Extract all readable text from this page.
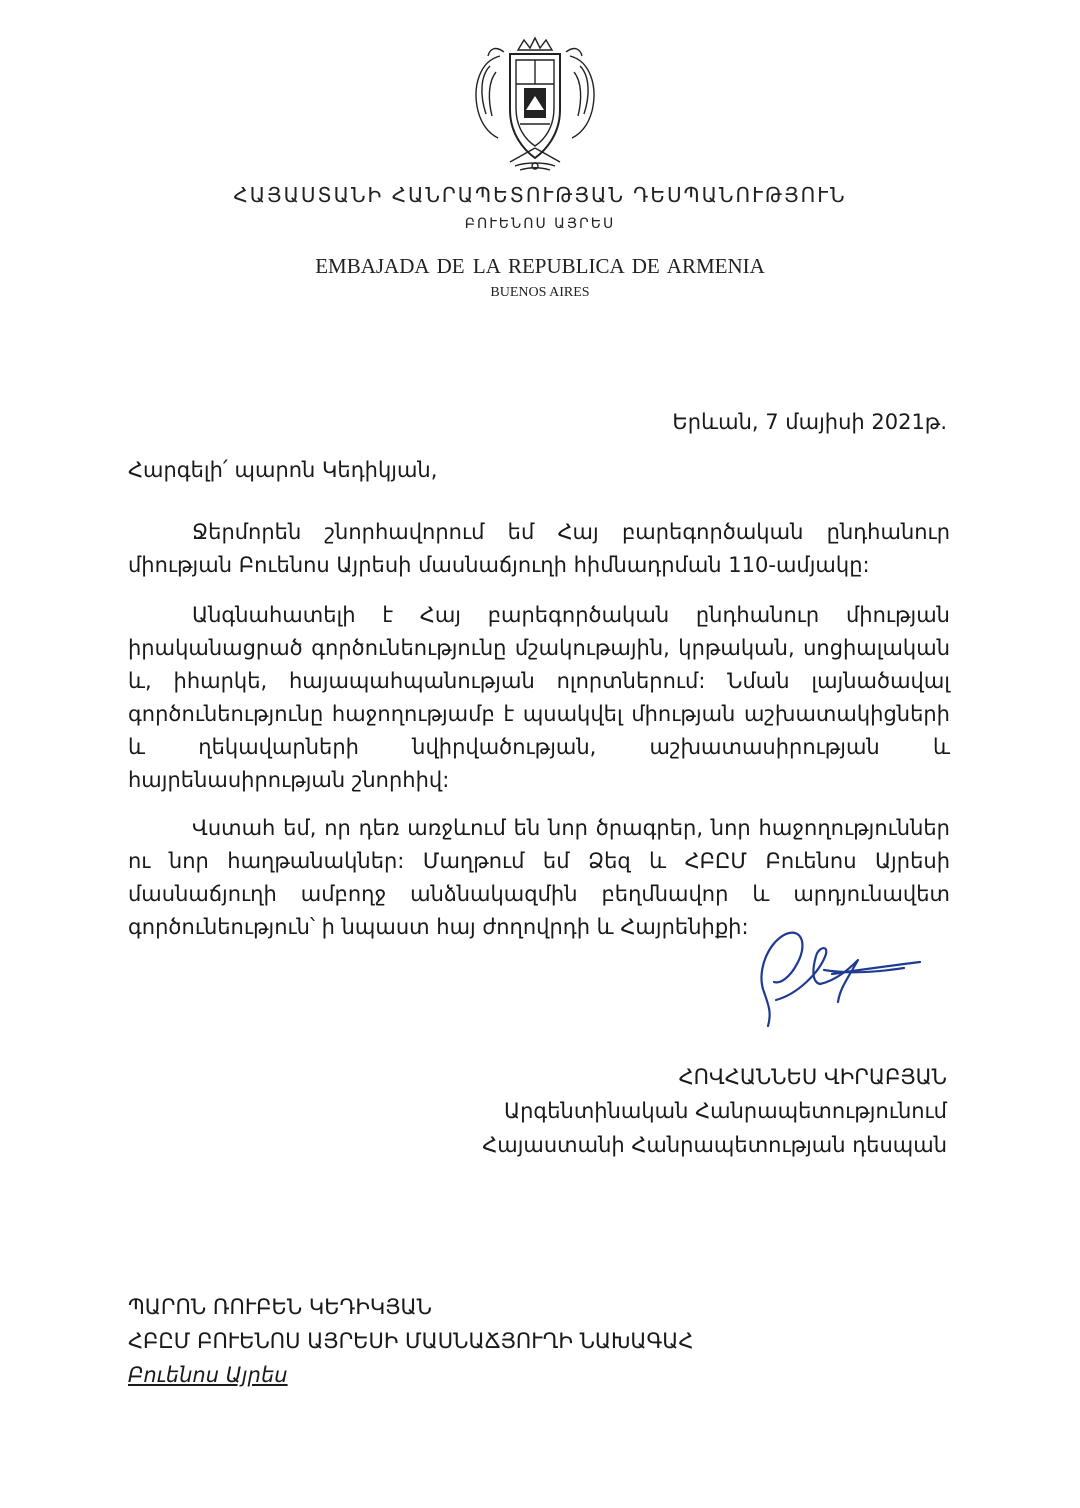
ՀԱՅԱՍՏԱՆԻ ՀԱՆՐԱՊԵՏՈՒԹՅԱՆ ԴԵՍՊԱՆՈՒԹՅՈՒՆ
ԲՈՒԵՆՈՍ ԱՅՐԵՍ
EMBAJADA DE LA REPUBLICA DE ARMENIA
BUENOS AIRES
Երևան, 7 մայիսի 2021թ.
Հարգելի՛ պարոն Կեդիկյան,
Ջերմորեն շնորհավորում եմ Հայ բարեգործական ընդհանուր միության Բուենոս Այրեսի մասնաճյուղի հիմնադրման 110-ամյակը:
Անգնահատելի է Հայ բարեգործական ընդհանուր միության իրականացրած գործունեությունը մշակութային, կրթական, սոցիալական և, իհարկե, հայապահպանության ոլորտներում: Նման լայնածավալ գործունեությունը հաջողությամբ է պսակվել միության աշխատակիցների և ղեկավարների նվիրվածության, աշխատասիրության և հայրենասիրության շնորհիվ:
Վստահ եմ, որ դեռ առջևում են նոր ծրագրեր, նոր հաջողություններ ու նոր հաղթանակներ: Մաղթում եմ Ձեզ և ՀԲԸՄ Բուենոս Այրեսի մասնաճյուղի ամբողջ անձնակազմին բեղմնավոր և արդյունավետ գործունեություն՝ ի նպաստ հայ ժողովրդի և Հայրենիքի:
ՀՈՎՀԱՆՆԵՍ ՎԻՐԱԲՅԱՆ
Արգենտինական Հանրապետությունում
Հայաստանի Հանրապետության դեսպան
ՊԱՐՈՆ ՌՈՒԲԵՆ ԿԵԴԻԿՅԱՆ
ՀԲԸՄ ԲՈՒԵՆՈՍ ԱՅՐԵՍԻ ՄԱՍՆԱՃՅՈՒՂԻ ՆԱԽԱԳԱՀ
Բուենոս Այրես
